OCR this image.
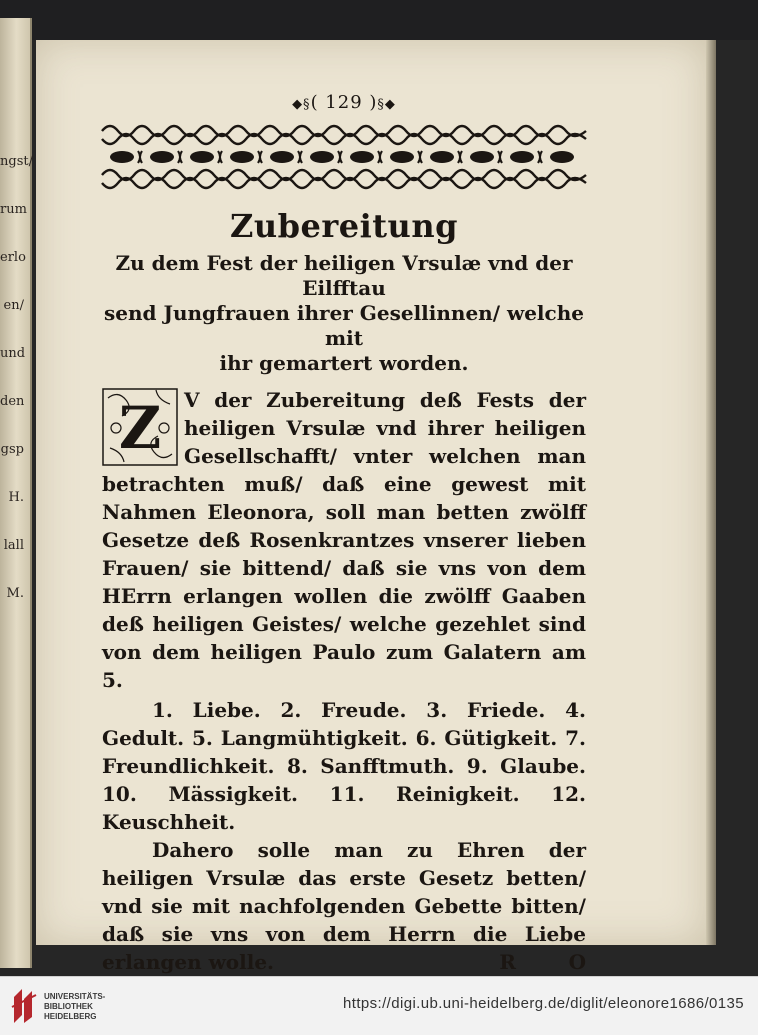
ngst/
rum
erlo
en/
und
den
gsp
H.
lall
M.
◆§( 129 )§◆
Zubereitung
Zu dem Fest der heiligen Vrsulæ vnd der Eilfftau
send Jungfrauen ihrer Gesellinnen/ welche mit
ihr gemartert worden.
Z	V der Zubereitung deß Fests der heiligen Vrsulæ vnd ihrer heiligen Gesellschafft/ vnter welchen man betrachten muß/ daß eine gewest mit Nahmen Eleonora, soll man betten zwölff Gesetze deß Rosenkrantzes vnserer lieben Frauen/ sie bittend/ daß sie vns von dem HErrn erlangen wollen die zwölff Gaaben deß heiligen Geistes/ welche gezehlet sind von dem heiligen Paulo zum Galatern am 5.

1. Liebe. 2. Freude. 3. Friede. 4. Gedult. 5. Langmühtigkeit. 6. Gütigkeit. 7. Freundlichkeit. 8. Sanfftmuth. 9. Glaube. 10. Mässigkeit. 11. Reinigkeit. 12. Keuschheit.

Dahero solle man zu Ehren der heiligen Vrsulæ das erste Gesetz betten/ vnd sie mit nachfolgenden Gebette bitten/ daß sie vns von dem Herrn die Liebe erlangen wolle.	R	O
UNIVERSITÄTS-
BIBLIOTHEK
HEIDELBERG
https://digi.ub.uni-heidelberg.de/diglit/eleonore1686/0135
